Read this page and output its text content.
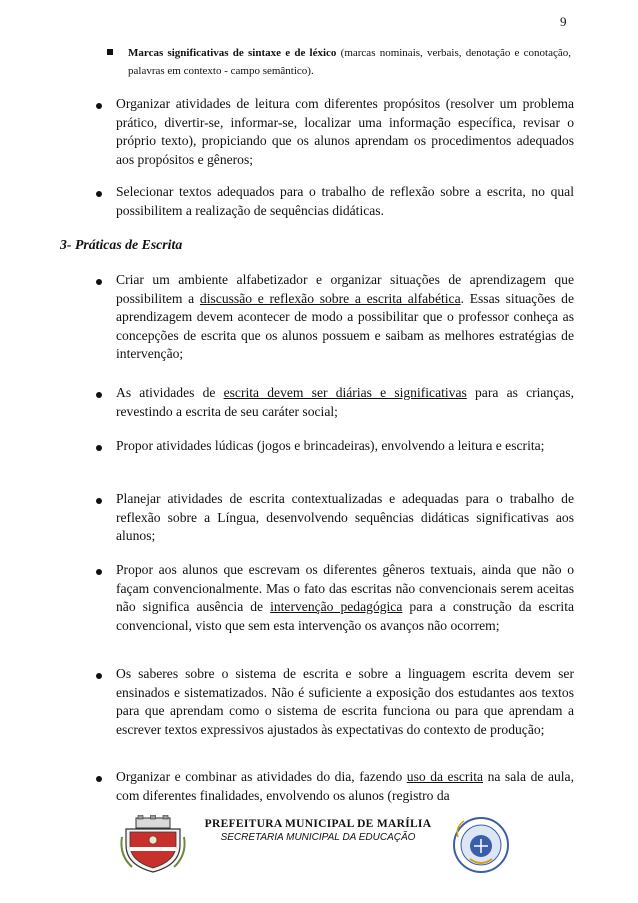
9
Marcas significativas de sintaxe e de léxico (marcas nominais, verbais, denotação e conotação, palavras em contexto - campo semântico).
Organizar atividades de leitura com diferentes propósitos (resolver um problema prático, divertir-se, informar-se, localizar uma informação específica, revisar o próprio texto), propiciando que os alunos aprendam os procedimentos adequados aos propósitos e gêneros;
Selecionar textos adequados para o trabalho de reflexão sobre a escrita, no qual possibilitem a realização de sequências didáticas.
3- Práticas de Escrita
Criar um ambiente alfabetizador e organizar situações de aprendizagem que possibilitem a discussão e reflexão sobre a escrita alfabética. Essas situações de aprendizagem devem acontecer de modo a possibilitar que o professor conheça as concepções de escrita que os alunos possuem e saibam as melhores estratégias de intervenção;
As atividades de escrita devem ser diárias e significativas para as crianças, revestindo a escrita de seu caráter social;
Propor atividades lúdicas (jogos e brincadeiras), envolvendo a leitura e escrita;
Planejar atividades de escrita contextualizadas e adequadas para o trabalho de reflexão sobre a Língua, desenvolvendo sequências didáticas significativas aos alunos;
Propor aos alunos que escrevam os diferentes gêneros textuais, ainda que não o façam convencionalmente. Mas o fato das escritas não convencionais serem aceitas não significa ausência de intervenção pedagógica para a construção da escrita convencional, visto que sem esta intervenção os avanços não ocorrem;
Os saberes sobre o sistema de escrita e sobre a linguagem escrita devem ser ensinados e sistematizados. Não é suficiente a exposição dos estudantes aos textos para que aprendam como o sistema de escrita funciona ou para que aprendam a escrever textos expressivos ajustados às expectativas do contexto de produção;
Organizar e combinar as atividades do dia, fazendo uso da escrita na sala de aula, com diferentes finalidades, envolvendo os alunos (registro da
PREFEITURA MUNICIPAL DE MARÍLIA
SECRETARIA MUNICIPAL DA EDUCAÇÃO
